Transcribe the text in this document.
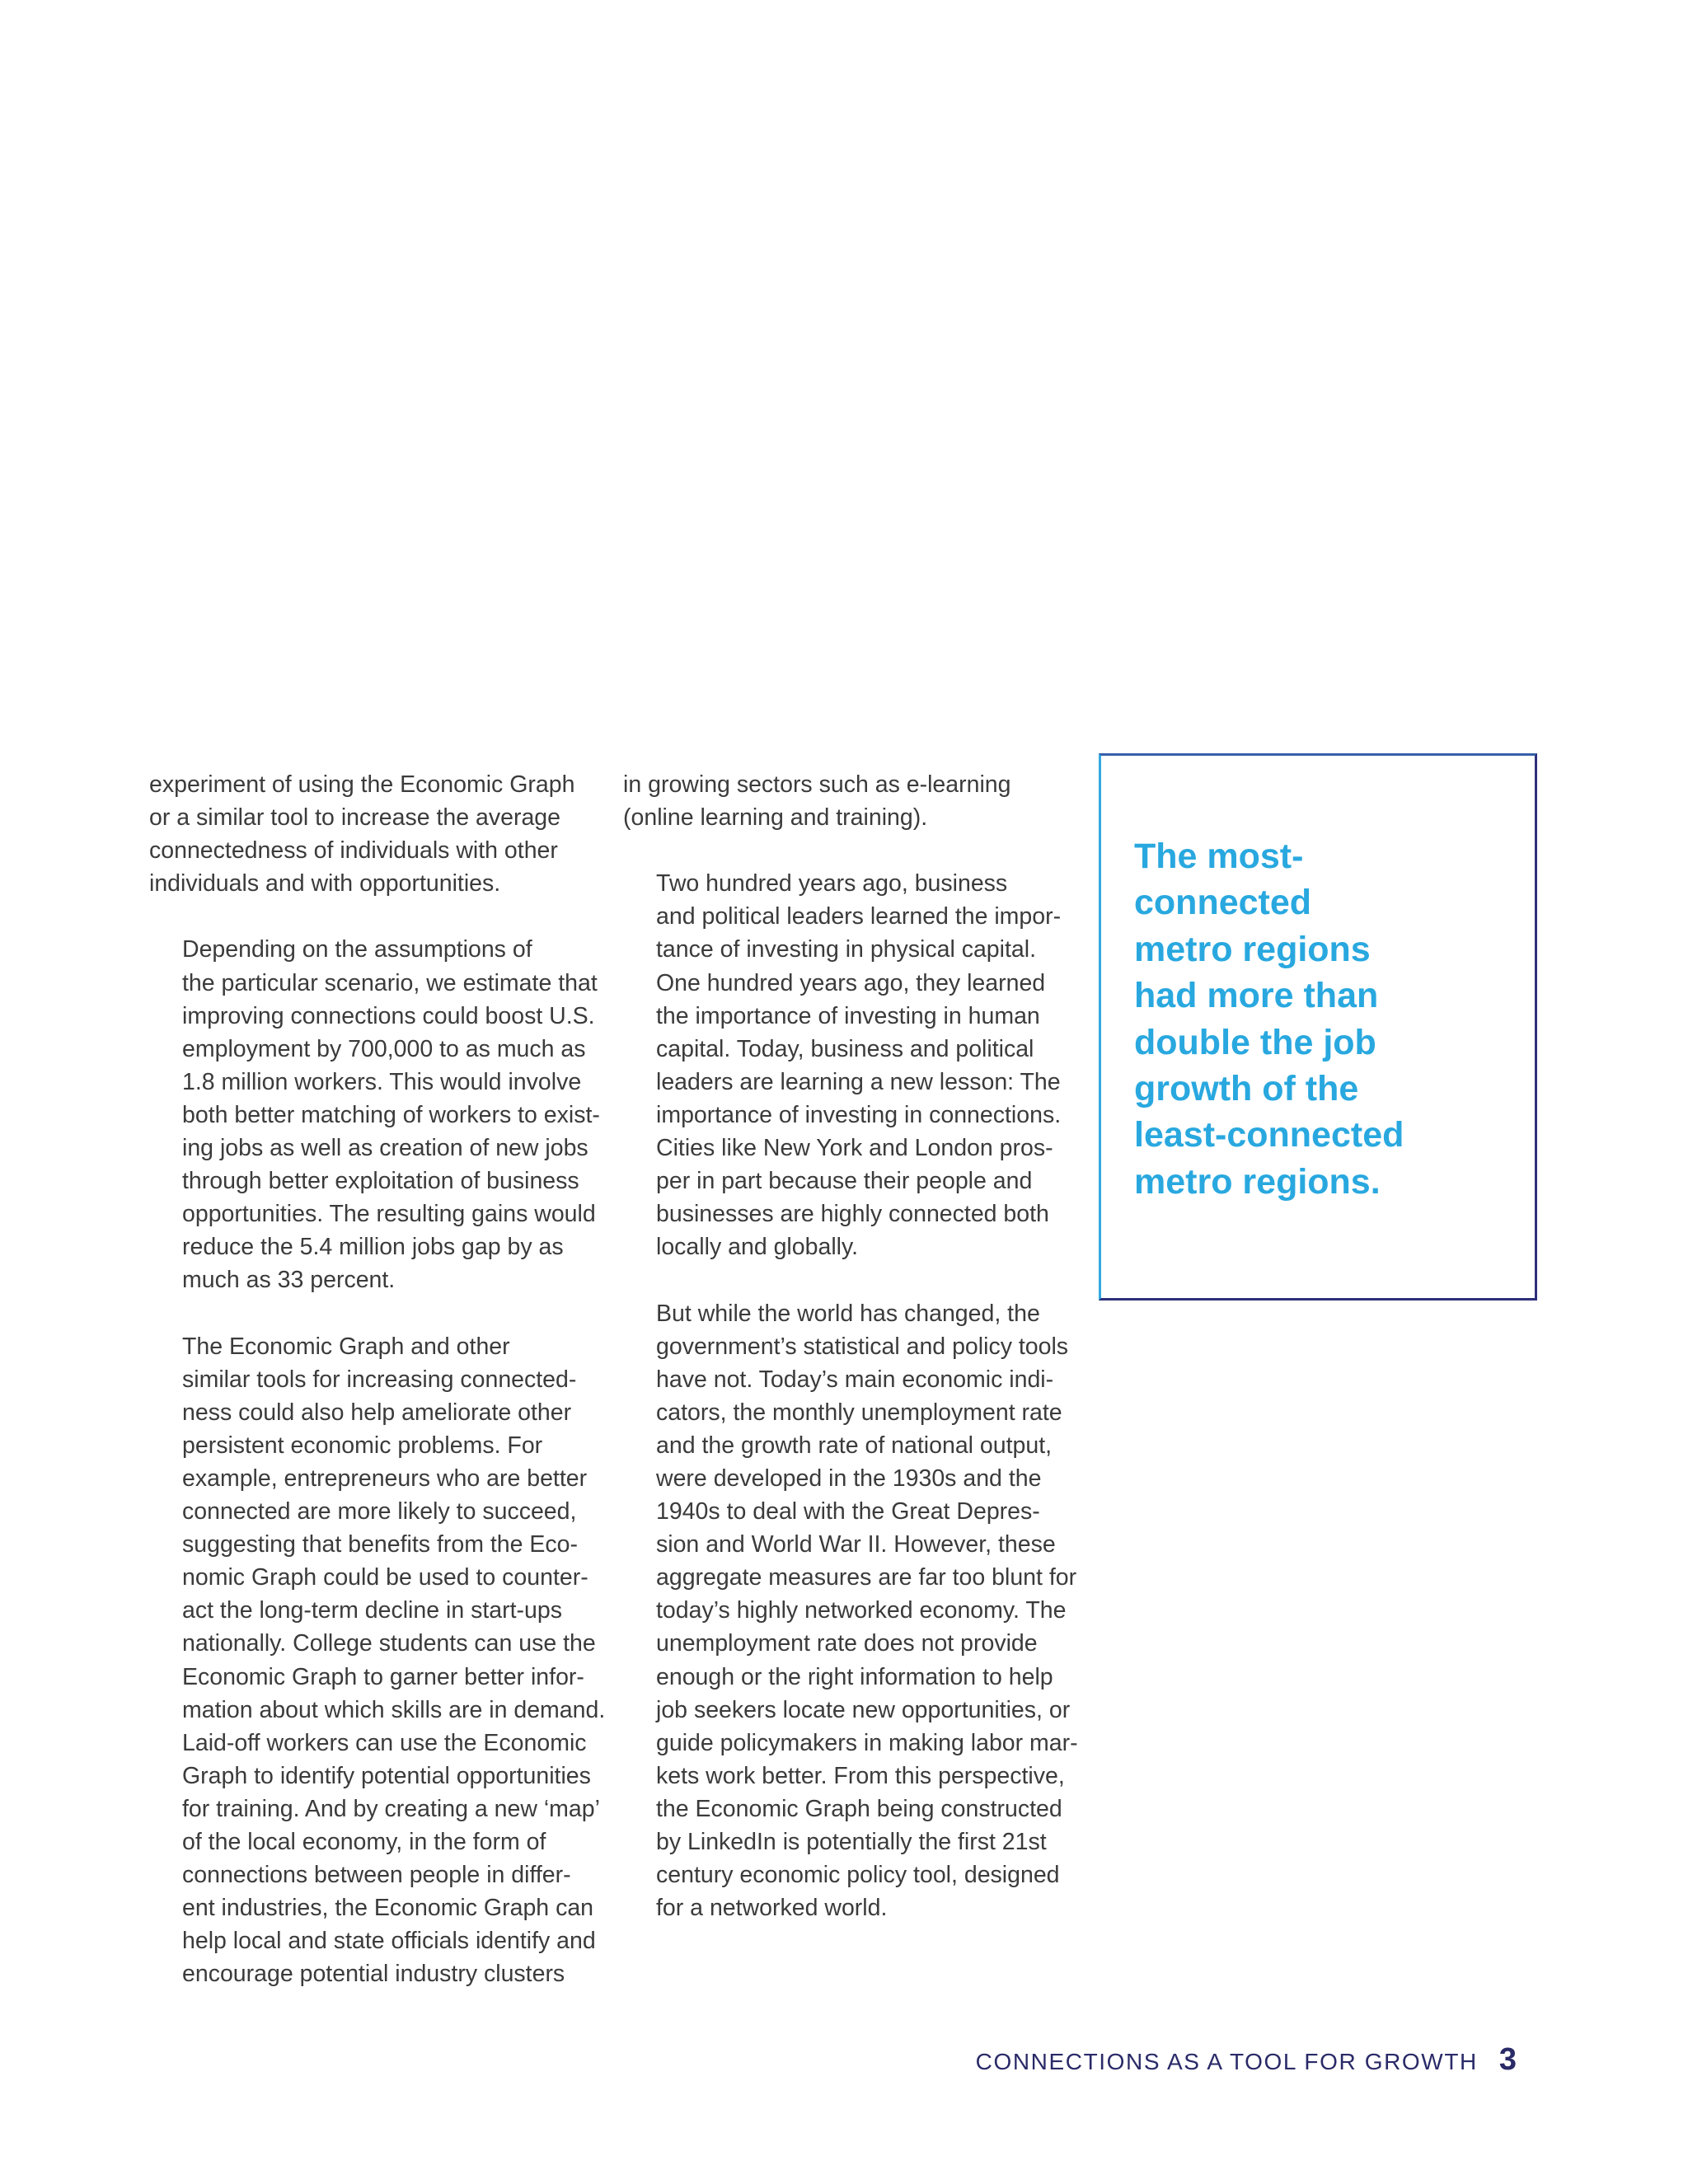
experiment of using the Economic Graph
or a similar tool to increase the average
connectedness of individuals with other
individuals and with opportunities.

Depending on the assumptions of
the particular scenario, we estimate that
improving connections could boost U.S.
employment by 700,000 to as much as
1.8 million workers. This would involve
both better matching of workers to exist-
ing jobs as well as creation of new jobs
through better exploitation of business
opportunities. The resulting gains would
reduce the 5.4 million jobs gap by as
much as 33 percent.

The Economic Graph and other
similar tools for increasing connected-
ness could also help ameliorate other
persistent economic problems. For
example, entrepreneurs who are better
connected are more likely to succeed,
suggesting that benefits from the Eco-
nomic Graph could be used to counter-
act the long-term decline in start-ups
nationally. College students can use the
Economic Graph to garner better infor-
mation about which skills are in demand.
Laid-off workers can use the Economic
Graph to identify potential opportunities
for training. And by creating a new ‘map’
of the local economy, in the form of
connections between people in differ-
ent industries, the Economic Graph can
help local and state officials identify and
encourage potential industry clusters

in growing sectors such as e-learning
(online learning and training).

Two hundred years ago, business
and political leaders learned the impor-
tance of investing in physical capital.
One hundred years ago, they learned
the importance of investing in human
capital. Today, business and political
leaders are learning a new lesson: The
importance of investing in connections.
Cities like New York and London pros-
per in part because their people and
businesses are highly connected both
locally and globally.

But while the world has changed, the
government’s statistical and policy tools
have not. Today’s main economic indi-
cators, the monthly unemployment rate
and the growth rate of national output,
were developed in the 1930s and the
1940s to deal with the Great Depres-
sion and World War II. However, these
aggregate measures are far too blunt for
today’s highly networked economy. The
unemployment rate does not provide
enough or the right information to help
job seekers locate new opportunities, or
guide policymakers in making labor mar-
kets work better. From this perspective,
the Economic Graph being constructed
by LinkedIn is potentially the first 21st
century economic policy tool, designed
for a networked world.

The most-
connected
metro regions
had more than
double the job
growth of the
least-connected
metro regions.

CONNECTIONS AS A TOOL FOR GROWTH 3
